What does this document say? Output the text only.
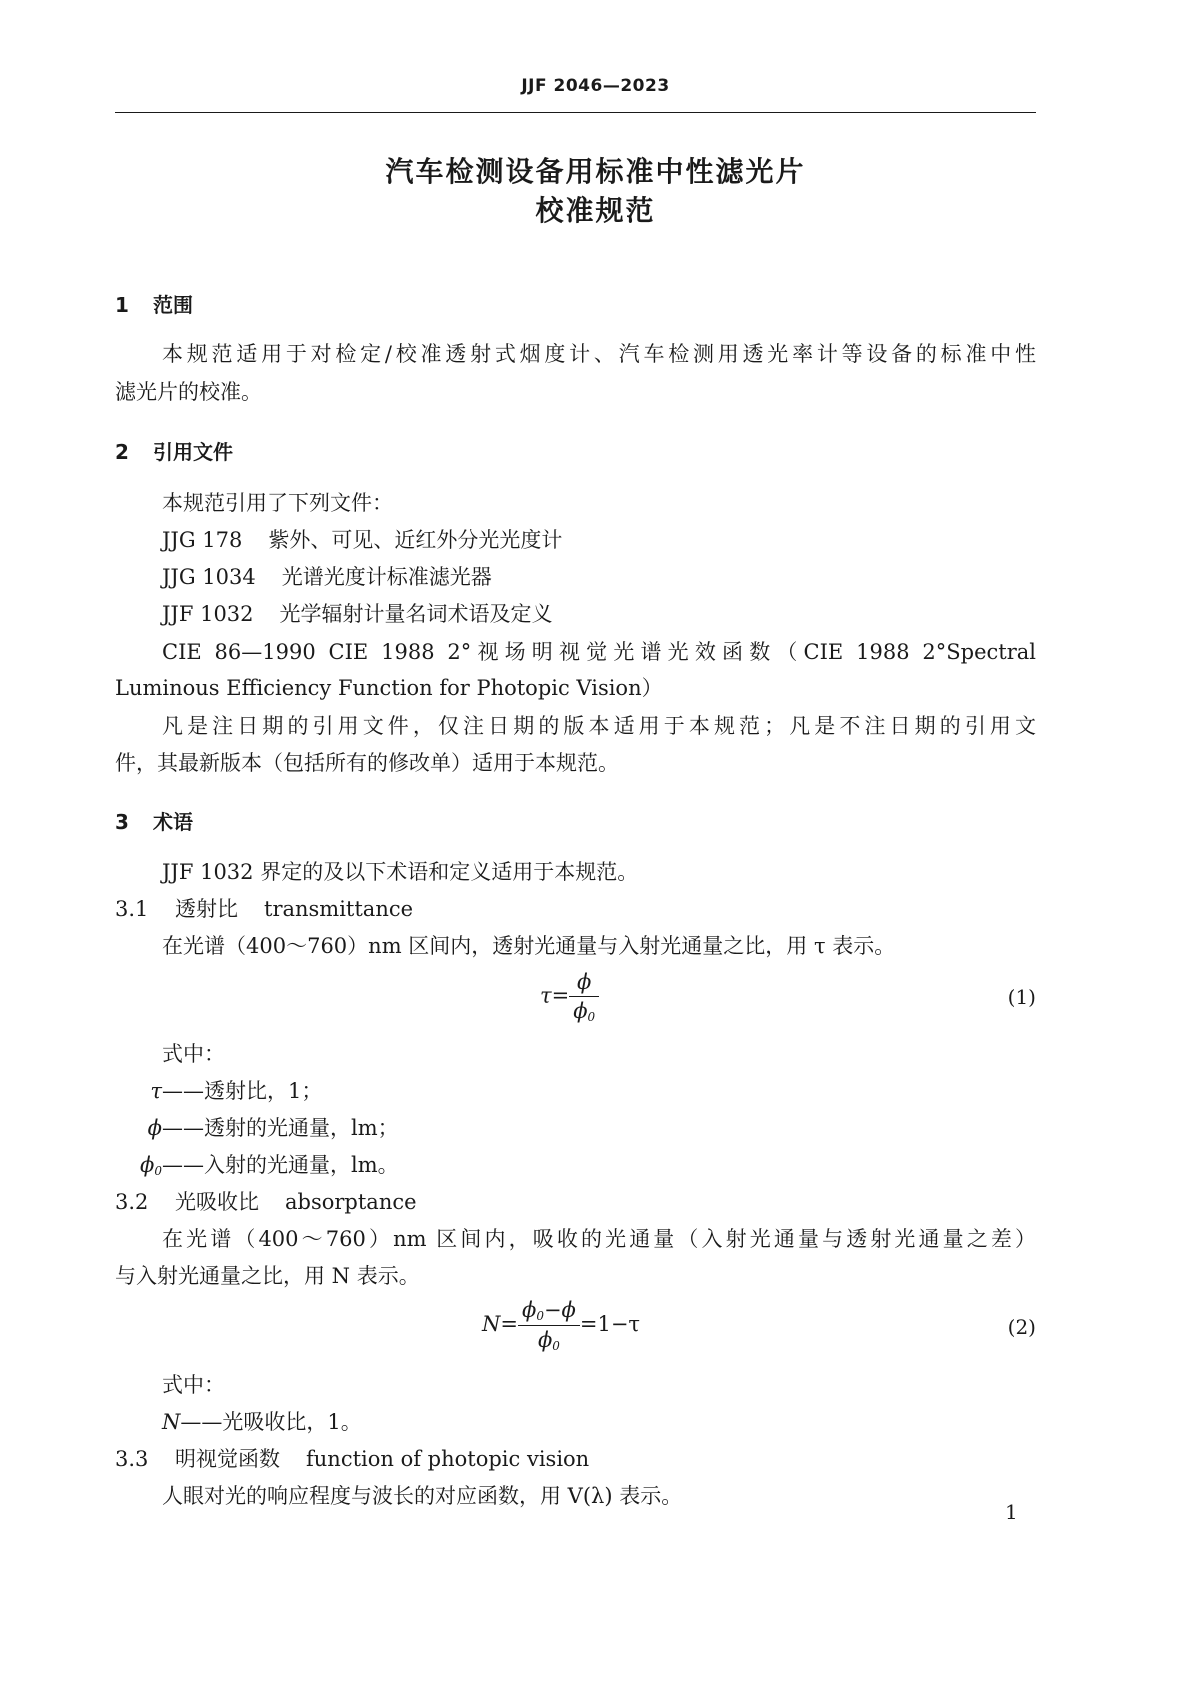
JJF 2046—2023
汽车检测设备用标准中性滤光片
校准规范
1 范围
本规范适用于对检定/校准透射式烟度计、汽车检测用透光率计等设备的标准中性
滤光片的校准。
2 引用文件
本规范引用了下列文件：
JJG 178 紫外、可见、近红外分光光度计
JJG 1034 光谱光度计标准滤光器
JJF 1032 光学辐射计量名词术语及定义
CIE 86—1990 CIE 1988 2°视场明视觉光谱光效函数（CIE 1988 2°Spectral
Luminous Efficiency Function for Photopic Vision）
凡是注日期的引用文件，仅注日期的版本适用于本规范；凡是不注日期的引用文
件，其最新版本（包括所有的修改单）适用于本规范。
3 术语
JJF 1032 界定的及以下术语和定义适用于本规范。
3.1 透射比 transmittance
在光谱（400～760）nm 区间内，透射光通量与入射光通量之比，用 τ 表示。
$\tau= \frac{\phi}{\phi 0}$	(1)
式中：
τ——透射比，1；
ϕ——透射的光通量，lm；
ϕ0——入射的光通量，lm。
3.2 光吸收比 absorptance
在光谱（400～760）nm 区间内，吸收的光通量（入射光通量与透射光通量之差）
与入射光通量之比，用 N 表示。
$N= \frac{\phi 0-\phi}{\phi 0} =1-\tau$	(2)
式中：
N——光吸收比，1。
3.3 明视觉函数 function of photopic vision
人眼对光的响应程度与波长的对应函数，用 V(λ) 表示。
1
